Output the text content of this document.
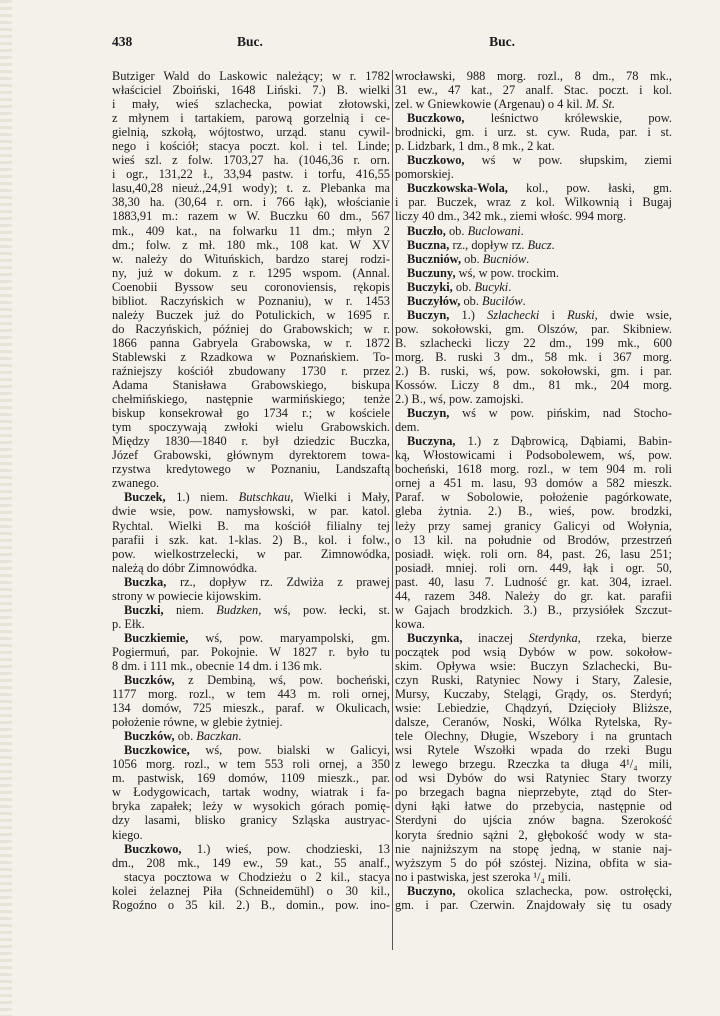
438	Buc.	Buc.
Butziger Wald do Laskowic należący; w r. 1782
właściciel Zboiński, 1648 Liński. 7.) B. wielki
i mały, wieś szlachecka, powiat złotowski,
z młynem i tartakiem, parową gorzelnią i ce-
gielnią, szkołą, wójtostwo, urząd. stanu cywil-
nego i kościół; stacya poczt. kol. i tel. Linde;
wieś szl. z folw. 1703,27 ha. (1046,36 r. orn.
i ogr., 131,22 ł., 33,94 pastw. i torfu, 416,55
lasu,40,28 nieuż.,24,91 wody); t. z. Plebanka ma
38,30 ha. (30,64 r. orn. i 766 łąk), włościanie
1883,91 m.: razem w W. Buczku 60 dm., 567
mk., 409 kat., na folwarku 11 dm.; młyn 2
dm.; folw. z mł. 180 mk., 108 kat. W XV
w. należy do Wituńskich, bardzo starej rodzi-
ny, już w dokum. z r. 1295 wspom. (Annal.
Coenobii Byssow seu coronoviensis, rękopis
bibliot. Raczyńskich w Poznaniu), w r. 1453
należy Buczek już do Potulickich, w 1695 r.
do Raczyńskich, później do Grabowskich; w r.
1866 panna Gabryela Grabowska, w r. 1872
Stablewski z Rzadkowa w Poznańskiem. To-
raźniejszy kościół zbudowany 1730 r. przez
Adama Stanisława Grabowskiego, biskupa
chełmińskiego, następnie warmińskiego; tenże
biskup konsekrował go 1734 r.; w kościele
tym spoczywają zwłoki wielu Grabowskich.
Między 1830—1840 r. był dziedzic Buczka,
Józef Grabowski, głównym dyrektorem towa-
rzystwa kredytowego w Poznaniu, Landszaftą
zwanego.
Buczek, 1.) niem. Butschkau, Wielki i Mały,
dwie wsie, pow. namysłowski, w par. katol.
Rychtal. Wielki B. ma kościół filialny tej
parafii i szk. kat. 1-klas. 2) B., kol. i folw.,
pow. wielkostrzelecki, w par. Zimnowódka,
należą do dóbr Zimnowódka.
Buczka, rz., dopływ rz. Zdwiża z prawej
strony w powiecie kijowskim.
Buczki, niem. Budzken, wś, pow. łecki, st.
p. Ełk.
Buczkiemie, wś, pow. maryampolski, gm.
Pogiermuń, par. Pokojnie. W 1827 r. było tu
8 dm. i 111 mk., obecnie 14 dm. i 136 mk.
Buczków, z Dembiną, wś, pow. bocheński,
1177 morg. rozl., w tem 443 m. roli ornej,
134 domów, 725 mieszk., paraf. w Okulicach,
położenie równe, w glebie żytniej.
Buczków, ob. Baczkan.
Buczkowice, wś, pow. bialski w Galicyi,
1056 morg. rozl., w tem 553 roli ornej, a 350
m. pastwisk, 169 domów, 1109 mieszk., par.
w Łodygowicach, tartak wodny, wiatrak i fa-
bryka zapałek; leży w wysokich górach pomię-
dzy lasami, blisko granicy Szląska austryac-
kiego.
Buczkowo, 1.) wieś, pow. chodzieski, 13
dm., 208 mk., 149 ew., 59 kat., 55 analf.,
stacya pocztowa w Chodzieżu o 2 kil., stacya
kolei żelaznej Piła (Schneidemühl) o 30 kil.,
Rogoźno o 35 kil. 2.) B., domin., pow. ino-
wrocławski, 988 morg. rozl., 8 dm., 78 mk.,
31 ew., 47 kat., 27 analf. Stac. poczt. i kol.
zel. w Gniewkowie (Argenau) o 4 kil. M. St.
Buczkowo, leśnictwo królewskie, pow.
brodnicki, gm. i urz. st. cyw. Ruda, par. i st.
p. Lidzbark, 1 dm., 8 mk., 2 kat.
Buczkowo, wś w pow. słupskim, ziemi
pomorskiej.
Buczkowska-Wola, kol., pow. łaski, gm.
i par. Buczek, wraz z kol. Wilkownią i Bugaj
liczy 40 dm., 342 mk., ziemi włośc. 994 morg.
Buczło, ob. Buclowani.
Buczna, rz., dopływ rz. Bucz.
Buczniów, ob. Bucniów.
Buczuny, wś, w pow. trockim.
Buczyki, ob. Bucyki.
Buczyłów, ob. Bucilów.
Buczyn, 1.) Szlachecki i Ruski, dwie wsie,
pow. sokołowski, gm. Olszów, par. Skibniew.
B. szlachecki liczy 22 dm., 199 mk., 600
morg. B. ruski 3 dm., 58 mk. i 367 morg.
2.) B. ruski, wś, pow. sokołowski, gm. i par.
Kossów. Liczy 8 dm., 81 mk., 204 morg.
2.) B., wś, pow. zamojski.
Buczyn, wś w pow. pińskim, nad Stocho-
dem.
Buczyna, 1.) z Dąbrowicą, Dąbiami, Babin-
ką, Włostowicami i Podsobolewem, wś, pow.
bocheński, 1618 morg. rozl., w tem 904 m. roli
ornej a 451 m. lasu, 93 domów a 582 mieszk.
Paraf. w Sobolowie, położenie pagórkowate,
gleba żytnia. 2.) B., wieś, pow. brodzki,
leży przy samej granicy Galicyi od Wołynia,
o 13 kil. na południe od Brodów, przestrzeń
posiadł. więk. roli orn. 84, past. 26, lasu 251;
posiadł. mniej. roli orn. 449, łąk i ogr. 50,
past. 40, lasu 7. Ludność gr. kat. 304, izrael.
44, razem 348. Należy do gr. kat. parafii
w Gajach brodzkich. 3.) B., przysiółek Szczut-
kowa.
Buczynka, inaczej Sterdynka, rzeka, bierze
początek pod wsią Dybów w pow. sokołow-
skim. Opływa wsie: Buczyn Szlachecki, Bu-
czyn Ruski, Ratyniec Nowy i Stary, Zalesie,
Mursy, Kuczaby, Stelągi, Grądy, os. Sterdyń;
wsie: Lebiedzie, Chądzyń, Dzięcioły Bliższe,
dalsze, Ceranów, Noski, Wólka Rytelska, Ry-
tele Olechny, Długie, Wszebory i na gruntach
wsi Rytele Wszołki wpada do rzeki Bugu
z lewego brzegu. Rzeczka ta długa 4¹/₄ mili,
od wsi Dybów do wsi Ratyniec Stary tworzy
po brzegach bagna nieprzebyte, ztąd do Ster-
dyni łąki łatwe do przebycia, następnie od
Sterdyni do ujścia znów bagna. Szerokość
koryta średnio sążni 2, głębokość wody w sta-
nie najniższym na stopę jedną, w stanie naj-
wyższym 5 do pół szóstej. Nizina, obfita w sia-
no i pastwiska, jest szeroka ¹/₄ mili.
Buczyno, okolica szlachecka, pow. ostrołęcki,
gm. i par. Czerwin. Znajdowały się tu osady
